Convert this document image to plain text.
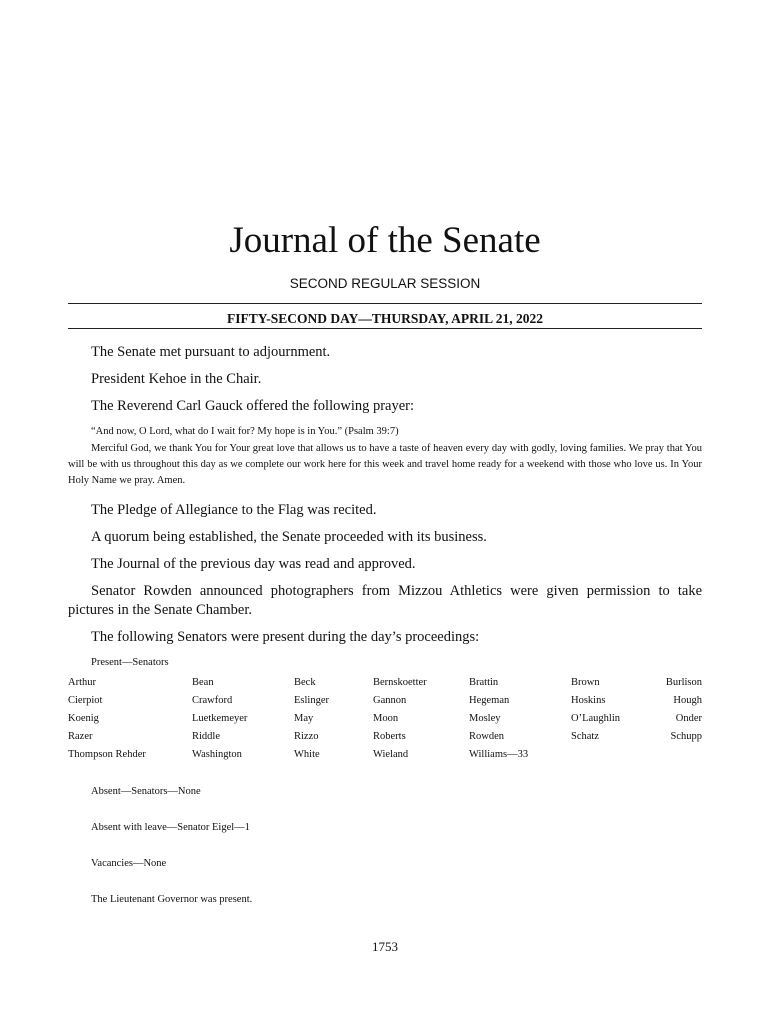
Journal of the Senate
SECOND REGULAR SESSION
FIFTY-SECOND DAY—THURSDAY, APRIL 21, 2022

The Senate met pursuant to adjournment.

President Kehoe in the Chair.

The Reverend Carl Gauck offered the following prayer:

“And now, O Lord, what do I wait for? My hope is in You.” (Psalm 39:7)

Merciful God, we thank You for Your great love that allows us to have a taste of heaven every day with godly, loving families. We pray that You will be with us throughout this day as we complete our work here for this week and travel home ready for a weekend with those who love us. In Your Holy Name we pray. Amen.

The Pledge of Allegiance to the Flag was recited.

A quorum being established, the Senate proceeded with its business.

The Journal of the previous day was read and approved.

Senator Rowden announced photographers from Mizzou Athletics were given permission to take pictures in the Senate Chamber.

The following Senators were present during the day’s proceedings:

Present—Senators

Arthur	Bean	Beck	Bernskoetter	Brattin	Brown	Burlison
Cierpiot	Crawford	Eslinger	Gannon	Hegeman	Hoskins	Hough
Koenig	Luetkemeyer	May	Moon	Mosley	O’Laughlin	Onder
Razer	Riddle	Rizzo	Roberts	Rowden	Schatz	Schupp
Thompson Rehder	Washington	White	Wieland	Williams—33		

Absent—Senators—None

Absent with leave—Senator Eigel—1

Vacancies—None

The Lieutenant Governor was present.

1753
